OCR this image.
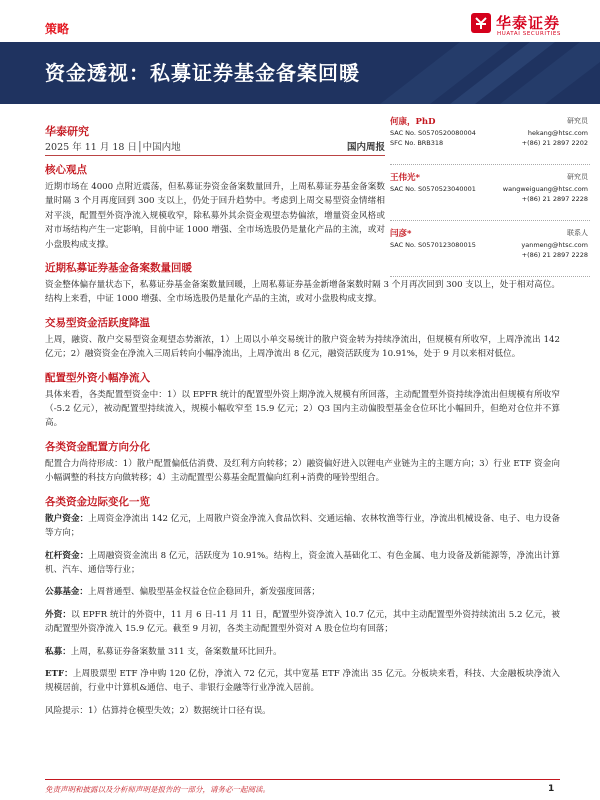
策略	华泰证券
HUATAI SECURITIES
资金透视：私募证券基金备案回暖
华泰研究
2025 年 11 月 18 日│中国内地	国内周报
何康，PhD	研究员
SAC No. S0570520080004
SFC No. BRB318
hekang@htsc.com
+(86) 21 2897 2202
王伟光*	研究员
SAC No. S0570523040001	wangweiguang@htsc.com
+(86) 21 2897 2228
闫彦*	联系人
SAC No. S0570123080015	yanmeng@htsc.com
+(86) 21 2897 2228
核心观点

近期市场在 4000 点附近震荡，但私募证券资金备案数量回升，上周私募证券基金备案数量时隔 3 个月再度回到 300 支以上，仍处于回升趋势中。考虑到上周交易型资金情绪相对平淡，配置型外资净流入规模收窄，除私募外其余资金观望态势偏浓，增量资金风格或对市场结构产生一定影响，目前中证 1000 增强、全市场选股仍是量化产品的主流，或对小盘股构成支撑。

近期私募证券基金备案数量回暖

资金整体偏存量状态下，私募证券基金备案数量回暖，上周私募证券基金新增备案数时隔 3 个月再次回到 300 支以上，处于相对高位。结构上来看，中证 1000 增强、全市场选股仍是量化产品的主流，或对小盘股构成支撑。

交易型资金活跃度降温

上周，融资、散户交易型资金观望态势渐浓，1）上周以小单交易统计的散户资金转为持续净流出，但规模有所收窄，上周净流出 142 亿元；2）融资资金在净流入三周后转向小幅净流出，上周净流出 8 亿元，融资活跃度为 10.91%，处于 9 月以来相对低位。

配置型外资小幅净流入

具体来看，各类配置型资金中：1）以 EPFR 统计的配置型外资上期净流入规模有所回落，主动配置型外资持续净流出但规模有所收窄（-5.2 亿元），被动配置型持续流入，规模小幅收窄至 15.9 亿元；2）Q3 国内主动偏股型基金仓位环比小幅回升，但绝对仓位并不算高。

各类资金配置方向分化

配置合力尚待形成：1）散户配置偏低估消费、及红利方向转移；2）融资偏好进入以锂电产业链为主的主题方向；3）行业 ETF 资金向小幅调整的科技方向做转移；4）主动配置型公募基金配置偏向红利+消费的哑铃型组合。

各类资金边际变化一览

散户资金：上周资金净流出 142 亿元，上周散户资金净流入食品饮料、交通运输、农林牧渔等行业，净流出机械设备、电子、电力设备等方向；

杠杆资金：上周融资资金流出 8 亿元，活跃度为 10.91%。结构上，资金流入基础化工、有色金属、电力设备及新能源等，净流出计算机、汽车、通信等行业；

公募基金：上周普通型、偏股型基金权益仓位企稳回升，新发强度回落；

外资：以 EPFR 统计的外资中，11 月 6 日-11 月 11 日，配置型外资净流入 10.7 亿元，其中主动配置型外资持续流出 5.2 亿元，被动配置型外资净流入 15.9 亿元。截至 9 月初，各类主动配置型外资对 A 股仓位均有回落；

私募：上周，私募证券备案数量 311 支，备案数量环比回升。

ETF：上周股票型 ETF 净申购 120 亿份，净流入 72 亿元，其中宽基 ETF 净流出 35 亿元。分板块来看，科技、大金融板块净流入规模居前，行业中计算机&通信、电子、非银行金融等行业净流入居前。

风险提示：1）估算持仓模型失效；2）数据统计口径有误。

免责声明和披露以及分析师声明是报告的一部分，请务必一起阅读。	1
